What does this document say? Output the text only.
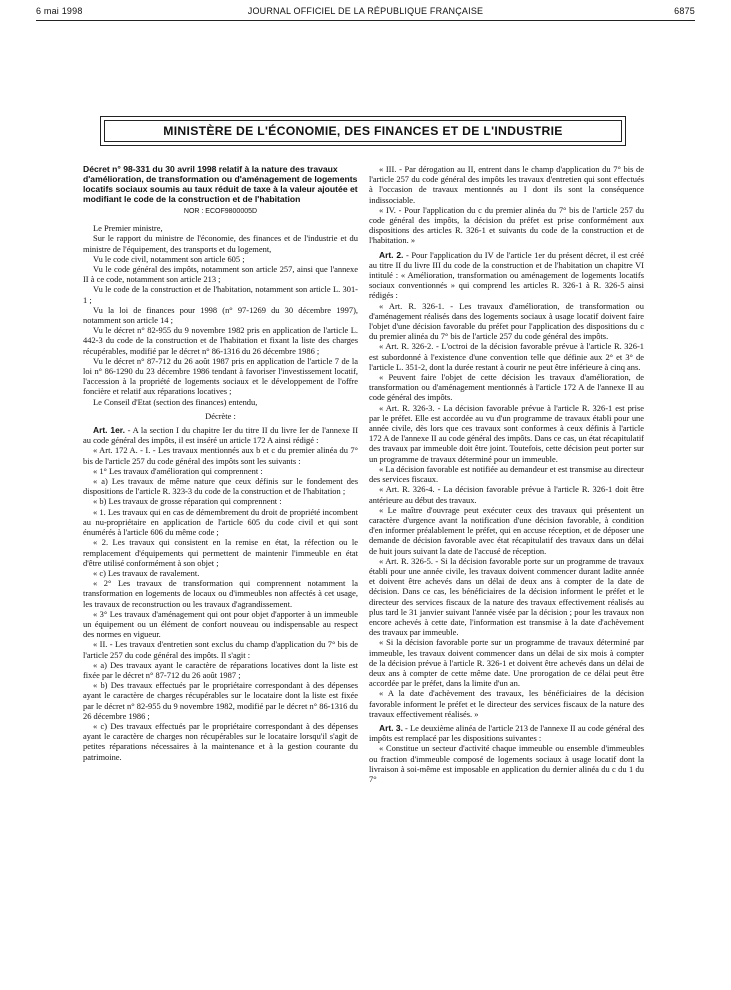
6 mai 1998	JOURNAL OFFICIEL DE LA RÉPUBLIQUE FRANÇAISE	6875
MINISTÈRE DE L'ÉCONOMIE, DES FINANCES ET DE L'INDUSTRIE

Décret n° 98-331 du 30 avril 1998 relatif à la nature des travaux d'amélioration, de transformation ou d'aménagement de logements locatifs sociaux soumis au taux réduit de taxe à la valeur ajoutée et modifiant le code de la construction et de l'habitation

NOR : ECOF9800005D

Le Premier ministre,

Sur le rapport du ministre de l'économie, des finances et de l'industrie et du ministre de l'équipement, des transports et du logement,

Vu le code civil, notamment son article 605 ;

Vu le code général des impôts, notamment son article 257, ainsi que l'annexe II à ce code, notamment son article 213 ;

Vu le code de la construction et de l'habitation, notamment son article L. 301-1 ;

Vu la loi de finances pour 1998 (n° 97-1269 du 30 décembre 1997), notamment son article 14 ;

Vu le décret n° 82-955 du 9 novembre 1982 pris en application de l'article L. 442-3 du code de la construction et de l'habitation et fixant la liste des charges récupérables, modifié par le décret n° 86-1316 du 26 décembre 1986 ;

Vu le décret n° 87-712 du 26 août 1987 pris en application de l'article 7 de la loi n° 86-1290 du 23 décembre 1986 tendant à favoriser l'investissement locatif, l'accession à la propriété de logements sociaux et le développement de l'offre foncière et relatif aux réparations locatives ;

Le Conseil d'Etat (section des finances) entendu,

Décrète :

Art. 1er. - A la section I du chapitre Ier du titre II du livre Ier de l'annexe II au code général des impôts, il est inséré un article 172 A ainsi rédigé :

« Art. 172 A. - I. - Les travaux mentionnés aux b et c du premier alinéa du 7° bis de l'article 257 du code général des impôts sont les suivants :

« 1° Les travaux d'amélioration qui comprennent :

« a) Les travaux de même nature que ceux définis sur le fondement des dispositions de l'article R. 323-3 du code de la construction et de l'habitation ;

« b) Les travaux de grosse réparation qui comprennent :

« 1. Les travaux qui en cas de démembrement du droit de propriété incombent au nu-propriétaire en application de l'article 605 du code civil et qui sont énumérés à l'article 606 du même code ;

« 2. Les travaux qui consistent en la remise en état, la réfection ou le remplacement d'équipements qui permettent de maintenir l'immeuble en état d'être utilisé conformément à son objet ;

« c) Les travaux de ravalement.

« 2° Les travaux de transformation qui comprennent notamment la transformation en logements de locaux ou d'immeubles non affectés à cet usage, les travaux de reconstruction ou les travaux d'agrandissement.

« 3° Les travaux d'aménagement qui ont pour objet d'apporter à un immeuble un équipement ou un élément de confort nouveau ou indispensable au respect des normes en vigueur.

« II. - Les travaux d'entretien sont exclus du champ d'application du 7° bis de l'article 257 du code général des impôts. Il s'agit :

« a) Des travaux ayant le caractère de réparations locatives dont la liste est fixée par le décret n° 87-712 du 26 août 1987 ;

« b) Des travaux effectués par le propriétaire correspondant à des dépenses ayant le caractère de charges récupérables sur le locataire dont la liste est fixée par le décret n° 82-955 du 9 novembre 1982, modifié par le décret n° 86-1316 du 26 décembre 1986 ;

« c) Des travaux effectués par le propriétaire correspondant à des dépenses ayant le caractère de charges non récupérables sur le locataire lorsqu'il s'agit de petites réparations nécessaires à la maintenance et à la gestion courante du patrimoine.

« III. - Par dérogation au II, entrent dans le champ d'application du 7° bis de l'article 257 du code général des impôts les travaux d'entretien qui sont effectués à l'occasion de travaux mentionnés au I dont ils sont la conséquence indissociable.

« IV. - Pour l'application du c du premier alinéa du 7° bis de l'article 257 du code général des impôts, la décision du préfet est prise conformément aux dispositions des articles R. 326-1 et suivants du code de la construction et de l'habitation. »

Art. 2. - Pour l'application du IV de l'article 1er du présent décret, il est créé au titre II du livre III du code de la construction et de l'habitation un chapitre VI intitulé : « Amélioration, transformation ou aménagement de logements locatifs sociaux conventionnés » qui comprend les articles R. 326-1 à R. 326-5 ainsi rédigés :

« Art. R. 326-1. - Les travaux d'amélioration, de transformation ou d'aménagement réalisés dans des logements sociaux à usage locatif doivent faire l'objet d'une décision favorable du préfet pour l'application des dispositions du c du premier alinéa du 7° bis de l'article 257 du code général des impôts.

« Art. R. 326-2. - L'octroi de la décision favorable prévue à l'article R. 326-1 est subordonné à l'existence d'une convention telle que définie aux 2° et 3° de l'article L. 351-2, dont la durée restant à courir ne peut être inférieure à cinq ans.

« Peuvent faire l'objet de cette décision les travaux d'amélioration, de transformation ou d'aménagement mentionnés à l'article 172 A de l'annexe II au code général des impôts.

« Art. R. 326-3. - La décision favorable prévue à l'article R. 326-1 est prise par le préfet. Elle est accordée au vu d'un programme de travaux établi pour une année civile, dès lors que ces travaux sont conformes à ceux définis à l'article 172 A de l'annexe II au code général des impôts. Dans ce cas, un état récapitulatif des travaux par immeuble doit être joint. Toutefois, cette décision peut porter sur un programme de travaux déterminé pour un immeuble.

« La décision favorable est notifiée au demandeur et est transmise au directeur des services fiscaux.

« Art. R. 326-4. - La décision favorable prévue à l'article R. 326-1 doit être antérieure au début des travaux.

« Le maître d'ouvrage peut exécuter ceux des travaux qui présentent un caractère d'urgence avant la notification d'une décision favorable, à condition d'en informer préalablement le préfet, qui en accuse réception, et de déposer une demande de décision favorable avec état récapitulatif des travaux dans un délai de huit jours suivant la date de l'accusé de réception.

« Art. R. 326-5. - Si la décision favorable porte sur un programme de travaux établi pour une année civile, les travaux doivent commencer durant ladite année et doivent être achevés dans un délai de deux ans à compter de la date de décision. Dans ce cas, les bénéficiaires de la décision informent le préfet et le directeur des services fiscaux de la nature des travaux effectivement réalisés au plus tard le 31 janvier suivant l'année visée par la décision ; pour les travaux non encore achevés à cette date, l'information est transmise à la date d'achèvement des travaux par immeuble.

« Si la décision favorable porte sur un programme de travaux déterminé par immeuble, les travaux doivent commencer dans un délai de six mois à compter de la décision prévue à l'article R. 326-1 et doivent être achevés dans un délai de deux ans à compter de cette même date. Une prorogation de ce délai peut être accordée par le préfet, dans la limite d'un an.

« A la date d'achèvement des travaux, les bénéficiaires de la décision favorable informent le préfet et le directeur des services fiscaux de la nature des travaux effectivement réalisés. »

Art. 3. - Le deuxième alinéa de l'article 213 de l'annexe II au code général des impôts est remplacé par les dispositions suivantes :

« Constitue un secteur d'activité chaque immeuble ou ensemble d'immeubles ou fraction d'immeuble composé de logements sociaux à usage locatif dont la livraison à soi-même est imposable en application du dernier alinéa du c du 1 du 7°
